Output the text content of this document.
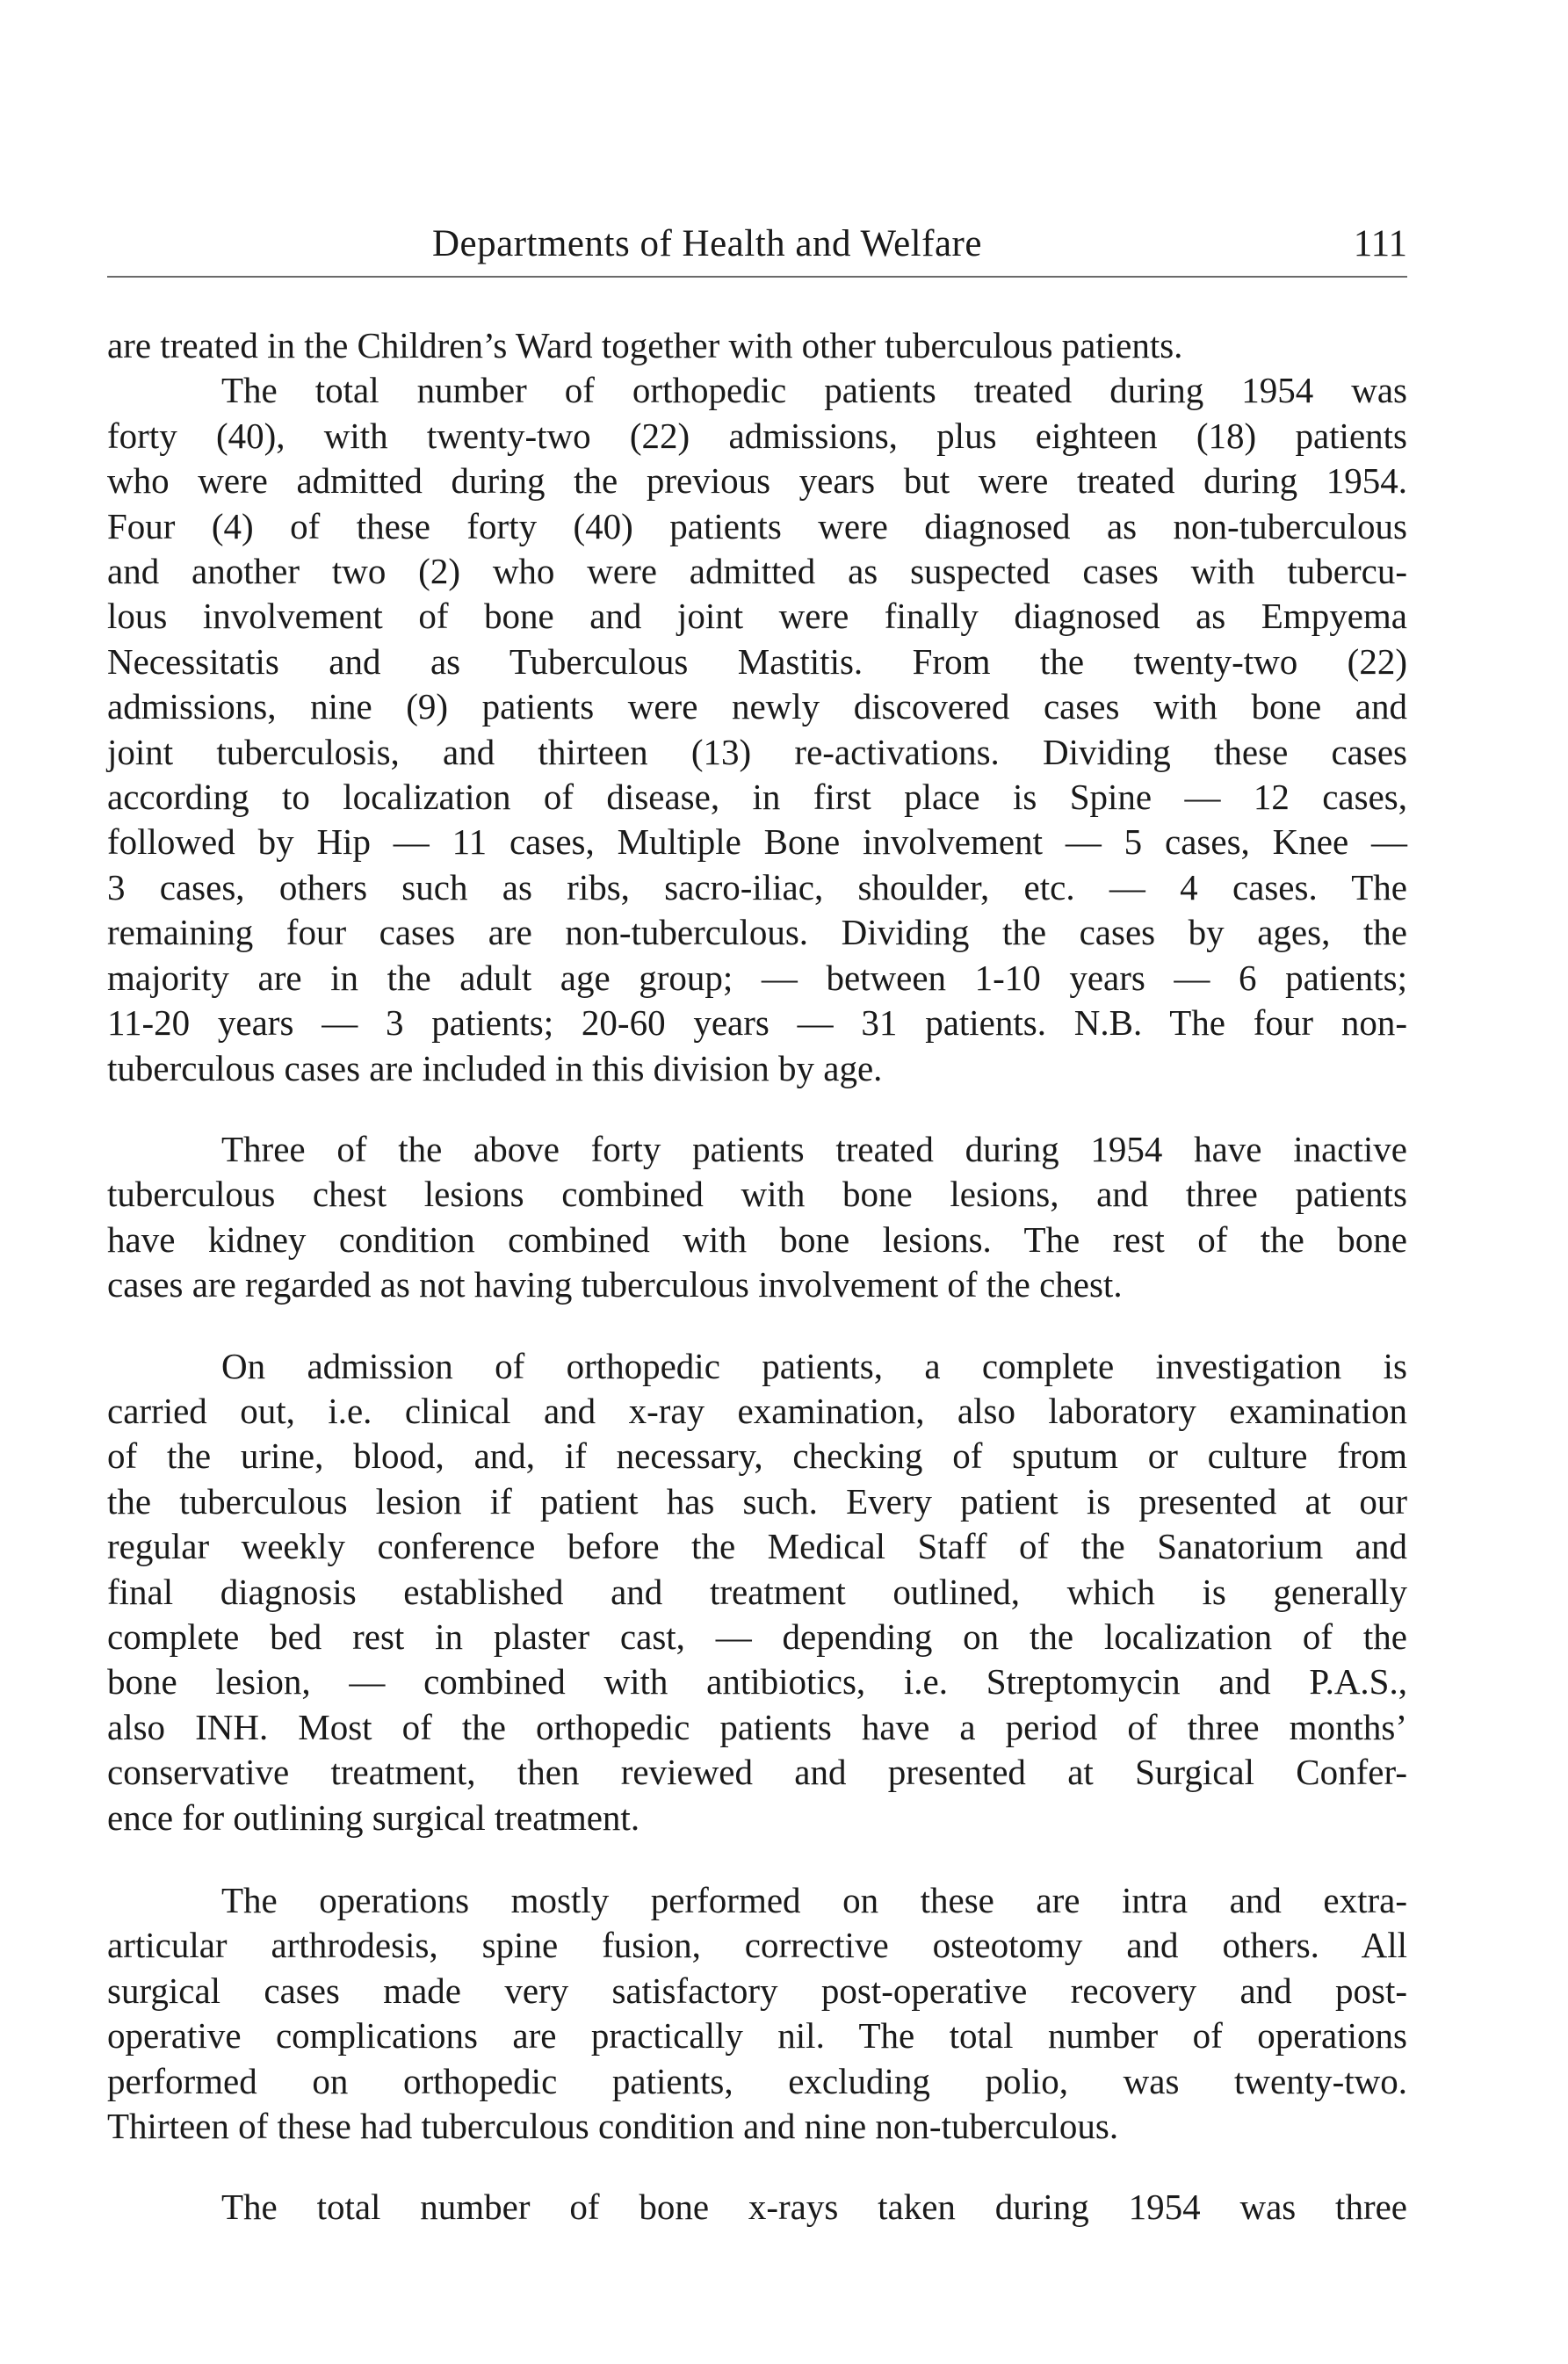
Departments of Health and Welfare	111

are treated in the Children’s Ward together with other tuberculous patients.

The total number of orthopedic patients treated during 1954 was
forty (40), with twenty-two (22) admissions, plus eighteen (18) patients
who were admitted during the previous years but were treated during 1954.
Four (4) of these forty (40) patients were diagnosed as non-tuberculous
and another two (2) who were admitted as suspected cases with tubercu-
lous involvement of bone and joint were finally diagnosed as Empyema
Necessitatis and as Tuberculous Mastitis. From the twenty-two (22)
admissions, nine (9) patients were newly discovered cases with bone and
joint tuberculosis, and thirteen (13) re-activations. Dividing these cases
according to localization of disease, in first place is Spine — 12 cases,
followed by Hip — 11 cases, Multiple Bone involvement — 5 cases, Knee —
3 cases, others such as ribs, sacro-iliac, shoulder, etc. — 4 cases. The
remaining four cases are non-tuberculous. Dividing the cases by ages, the
majority are in the adult age group; — between 1-10 years — 6 patients;
11-20 years — 3 patients; 20-60 years — 31 patients. N.B. The four non-
tuberculous cases are included in this division by age.

Three of the above forty patients treated during 1954 have inactive
tuberculous chest lesions combined with bone lesions, and three patients
have kidney condition combined with bone lesions. The rest of the bone
cases are regarded as not having tuberculous involvement of the chest.

On admission of orthopedic patients, a complete investigation is
carried out, i.e. clinical and x-ray examination, also laboratory examination
of the urine, blood, and, if necessary, checking of sputum or culture from
the tuberculous lesion if patient has such. Every patient is presented at our
regular weekly conference before the Medical Staff of the Sanatorium and
final diagnosis established and treatment outlined, which is generally
complete bed rest in plaster cast, — depending on the localization of the
bone lesion, — combined with antibiotics, i.e. Streptomycin and P.A.S.,
also INH. Most of the orthopedic patients have a period of three months’
conservative treatment, then reviewed and presented at Surgical Confer-
ence for outlining surgical treatment.

The operations mostly performed on these are intra and extra-
articular arthrodesis, spine fusion, corrective osteotomy and others. All
surgical cases made very satisfactory post-operative recovery and post-
operative complications are practically nil. The total number of operations
performed on orthopedic patients, excluding polio, was twenty-two.
Thirteen of these had tuberculous condition and nine non-tuberculous.

The total number of bone x-rays taken during 1954 was three
